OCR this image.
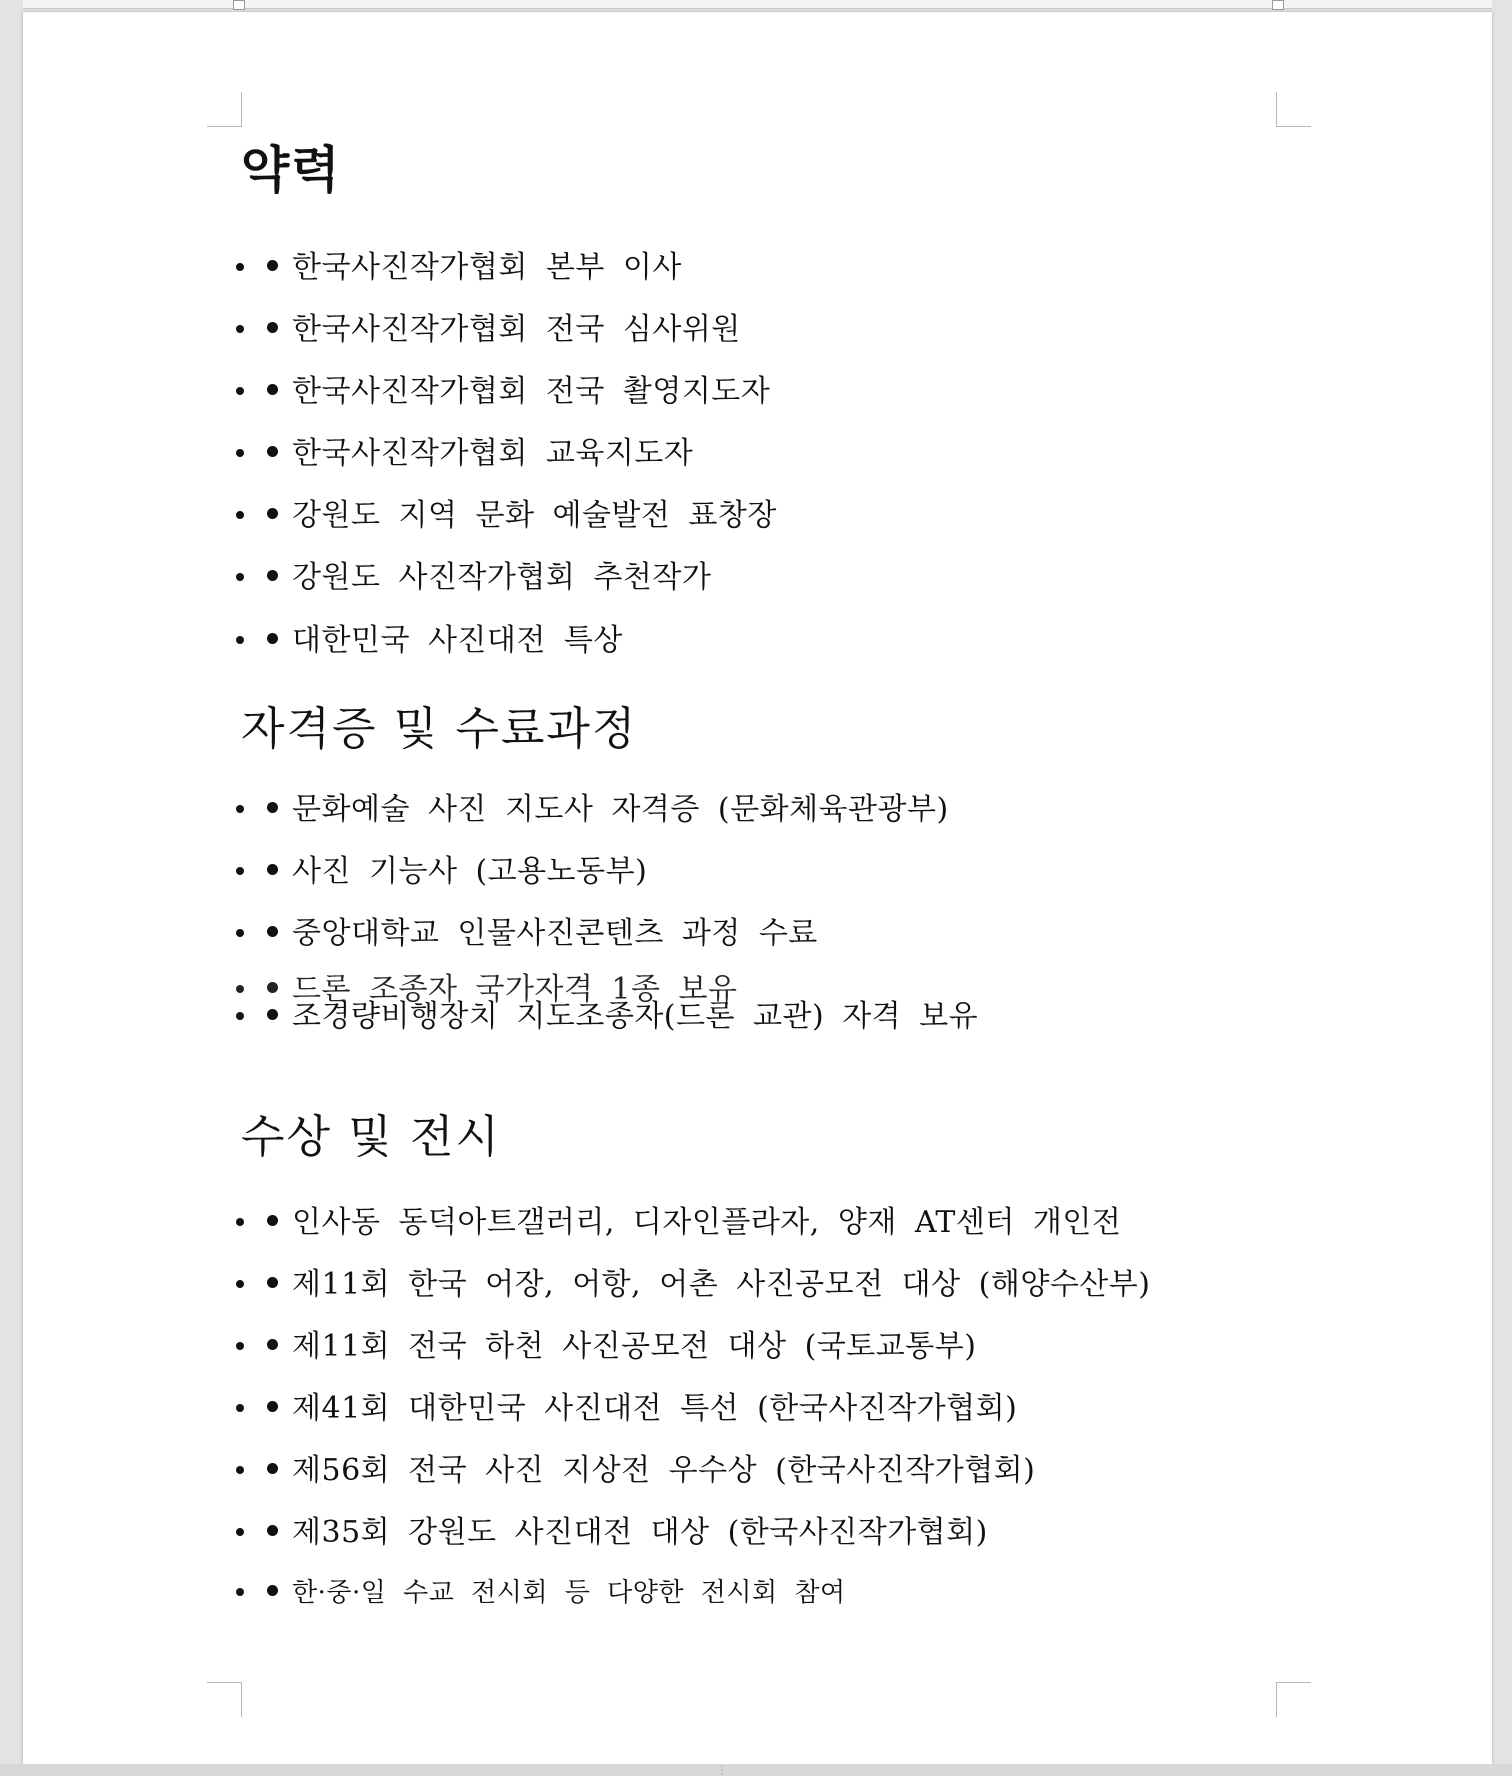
약력
한국사진작가협회 본부 이사
한국사진작가협회 전국 심사위원
한국사진작가협회 전국 촬영지도자
한국사진작가협회 교육지도자
강원도 지역 문화 예술발전 표창장
강원도 사진작가협회 추천작가
대한민국 사진대전 특상
자격증 및 수료과정
문화예술 사진 지도사 자격증 (문화체육관광부)
사진 기능사 (고용노동부)
중앙대학교 인물사진콘텐츠 과정 수료
드론 조종자 국가자격 1종 보유
조경량비행장치 지도조종자(드론 교관) 자격 보유
수상 및 전시
인사동 동덕아트갤러리, 디자인플라자, 양재 AT센터 개인전
제11회 한국 어장, 어항, 어촌 사진공모전 대상 (해양수산부)
제11회 전국 하천 사진공모전 대상 (국토교통부)
제41회 대한민국 사진대전 특선 (한국사진작가협회)
제56회 전국 사진 지상전 우수상 (한국사진작가협회)
제35회 강원도 사진대전 대상 (한국사진작가협회)
한·중·일 수교 전시회 등 다양한 전시회 참여
⋮
